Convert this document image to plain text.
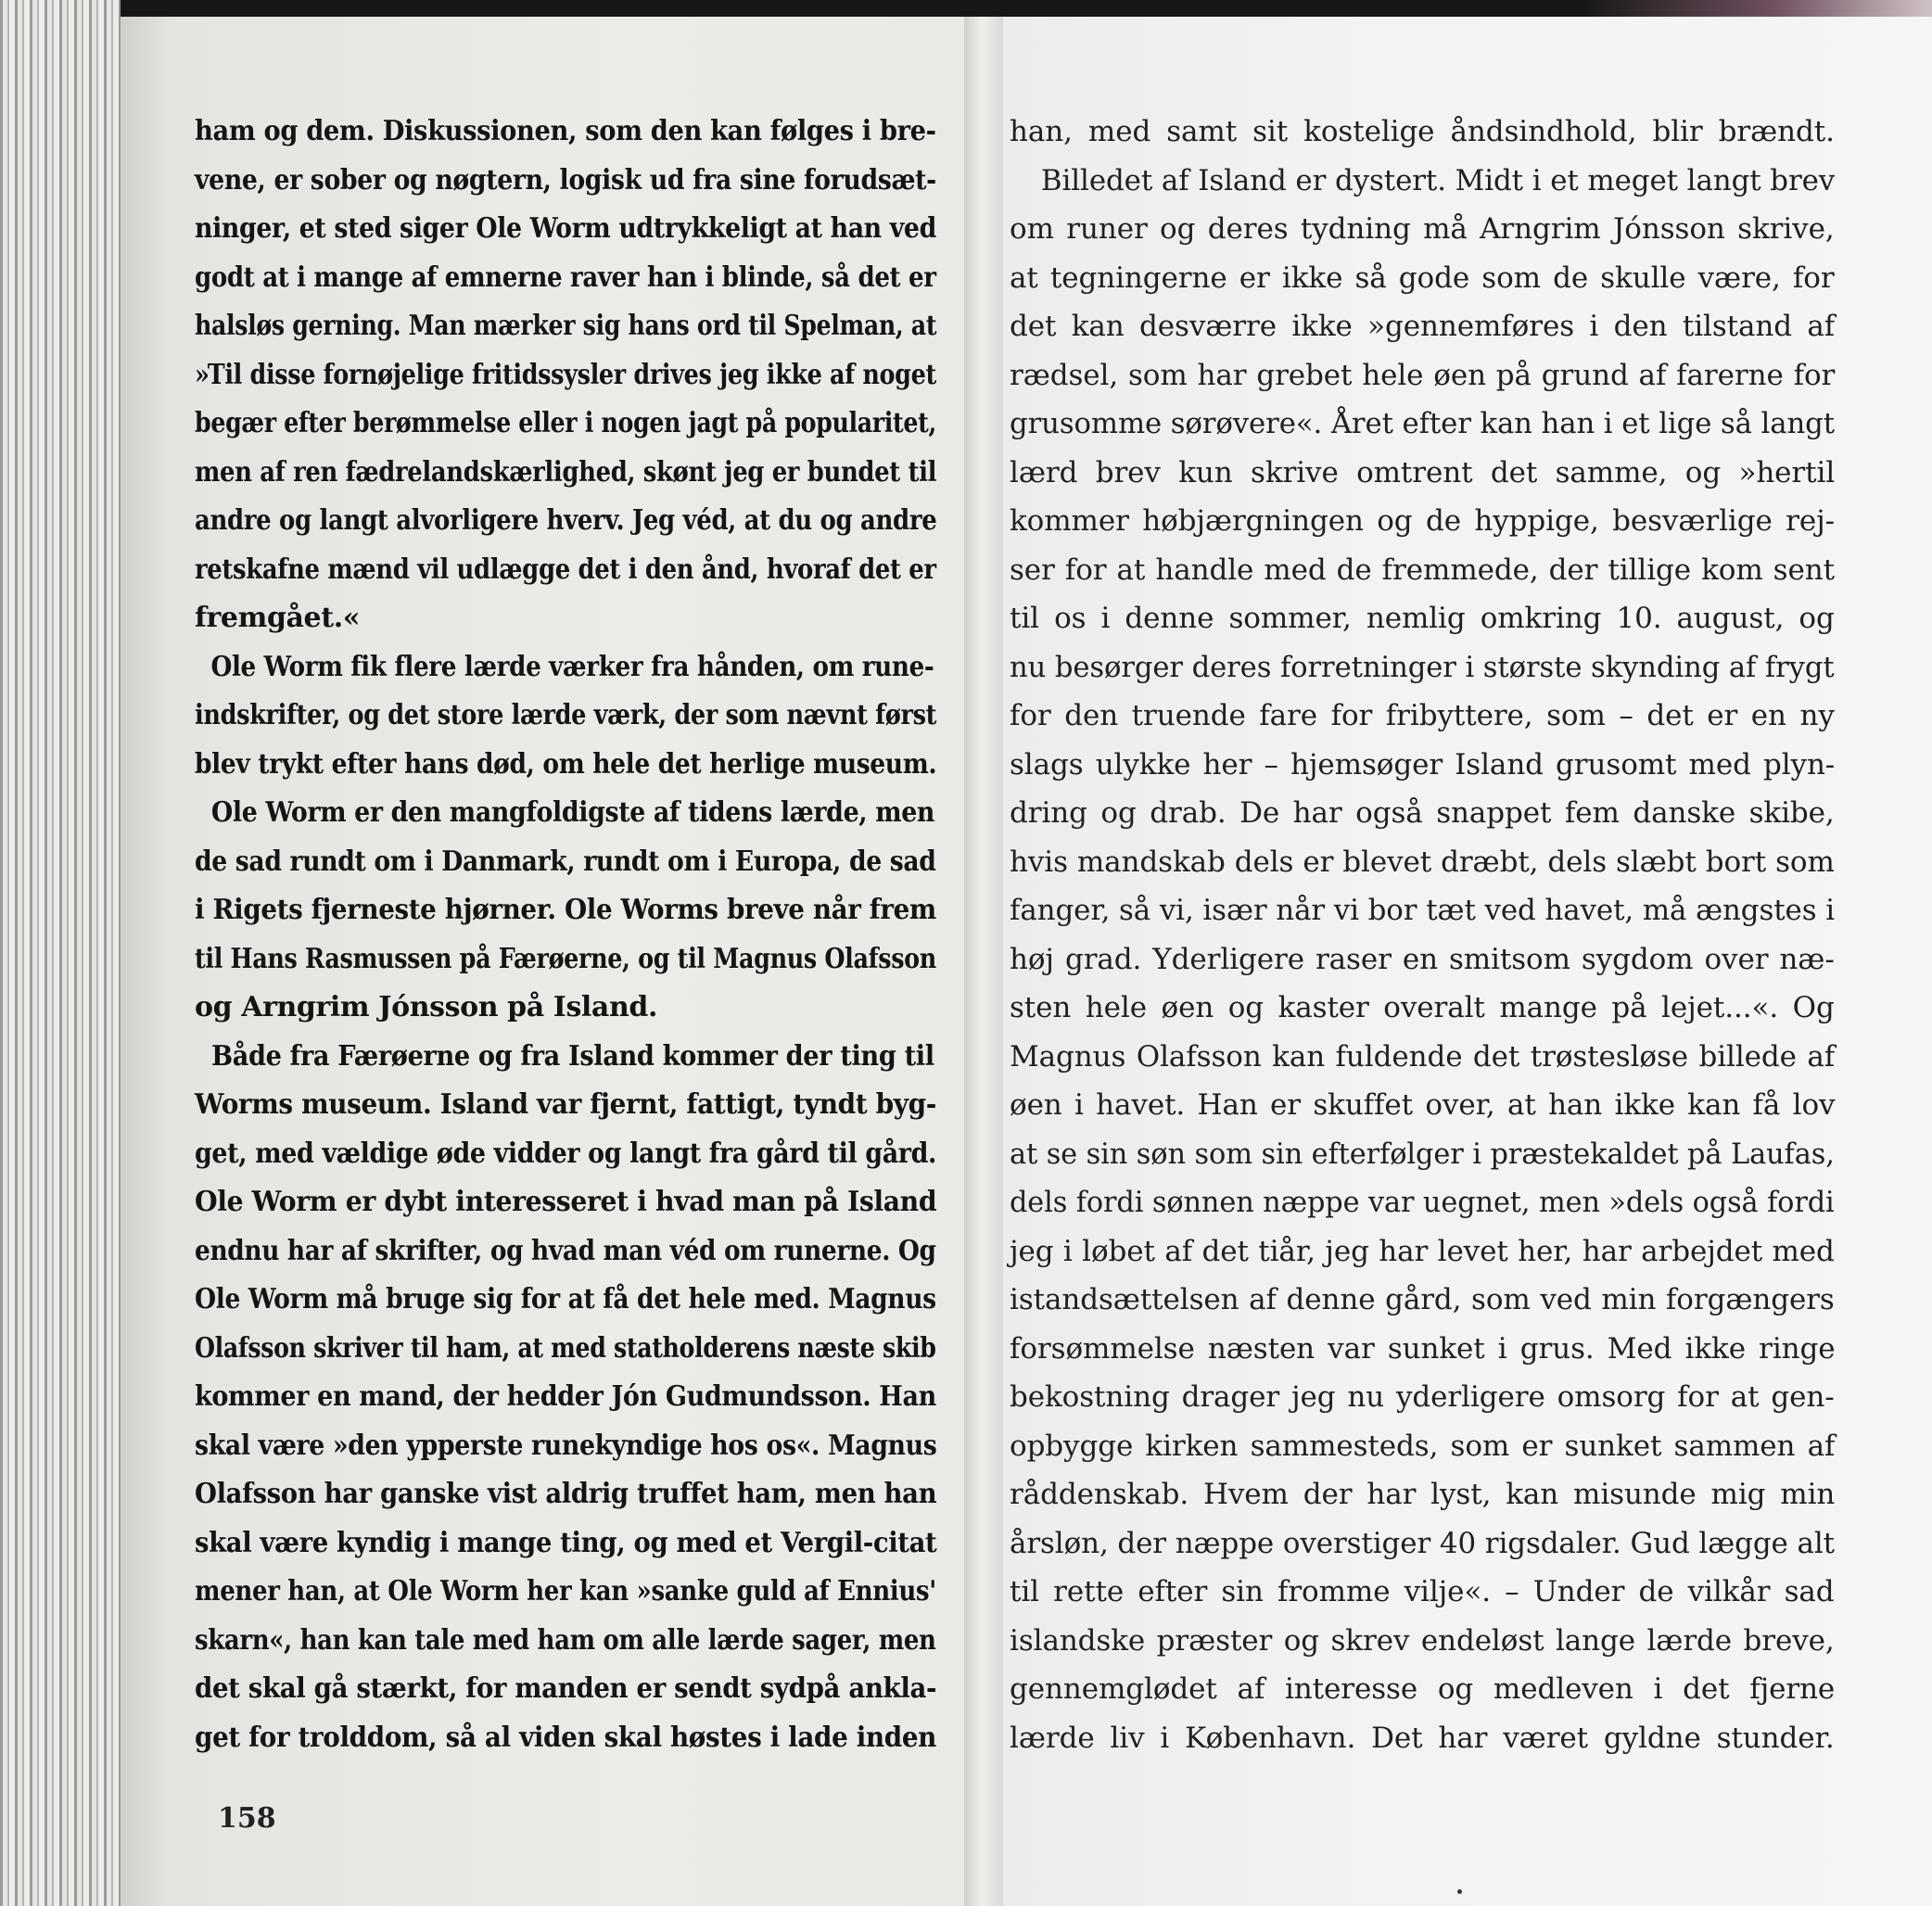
ham og dem. Diskussionen, som den kan følges i bre-
vene, er sober og nøgtern, logisk ud fra sine forudsæt-
ninger, et sted siger Ole Worm udtrykkeligt at han ved
godt at i mange af emnerne raver han i blinde, så det er
halsløs gerning. Man mærker sig hans ord til Spelman, at
»Til disse fornøjelige fritidssysler drives jeg ikke af noget
begær efter berømmelse eller i nogen jagt på popularitet,
men af ren fædrelandskærlighed, skønt jeg er bundet til
andre og langt alvorligere hverv. Jeg véd, at du og andre
retskafne mænd vil udlægge det i den ånd, hvoraf det er
fremgået.«
Ole Worm fik flere lærde værker fra hånden, om rune-
indskrifter, og det store lærde værk, der som nævnt først
blev trykt efter hans død, om hele det herlige museum.
Ole Worm er den mangfoldigste af tidens lærde, men
de sad rundt om i Danmark, rundt om i Europa, de sad
i Rigets fjerneste hjørner. Ole Worms breve når frem
til Hans Rasmussen på Færøerne, og til Magnus Olafsson
og Arngrim Jónsson på Island.
Både fra Færøerne og fra Island kommer der ting til
Worms museum. Island var fjernt, fattigt, tyndt byg-
get, med vældige øde vidder og langt fra gård til gård.
Ole Worm er dybt interesseret i hvad man på Island
endnu har af skrifter, og hvad man véd om runerne. Og
Ole Worm må bruge sig for at få det hele med. Magnus
Olafsson skriver til ham, at med statholderens næste skib
kommer en mand, der hedder Jón Gudmundsson. Han
skal være »den ypperste runekyndige hos os«. Magnus
Olafsson har ganske vist aldrig truffet ham, men han
skal være kyndig i mange ting, og med et Vergil-citat
mener han, at Ole Worm her kan »sanke guld af Ennius'
skarn«, han kan tale med ham om alle lærde sager, men
det skal gå stærkt, for manden er sendt sydpå ankla-
get for trolddom, så al viden skal høstes i lade inden
158
han, med samt sit kostelige åndsindhold, blir brændt.
Billedet af Island er dystert. Midt i et meget langt brev
om runer og deres tydning må Arngrim Jónsson skrive,
at tegningerne er ikke så gode som de skulle være, for
det kan desværre ikke »gennemføres i den tilstand af
rædsel, som har grebet hele øen på grund af farerne for
grusomme sørøvere«. Året efter kan han i et lige så langt
lærd brev kun skrive omtrent det samme, og »hertil
kommer høbjærgningen og de hyppige, besværlige rej-
ser for at handle med de fremmede, der tillige kom sent
til os i denne sommer, nemlig omkring 10. august, og
nu besørger deres forretninger i største skynding af frygt
for den truende fare for fribyttere, som – det er en ny
slags ulykke her – hjemsøger Island grusomt med plyn-
dring og drab. De har også snappet fem danske skibe,
hvis mandskab dels er blevet dræbt, dels slæbt bort som
fanger, så vi, især når vi bor tæt ved havet, må ængstes i
høj grad. Yderligere raser en smitsom sygdom over næ-
sten hele øen og kaster overalt mange på lejet...«. Og
Magnus Olafsson kan fuldende det trøstesløse billede af
øen i havet. Han er skuffet over, at han ikke kan få lov
at se sin søn som sin efterfølger i præstekaldet på Laufas,
dels fordi sønnen næppe var uegnet, men »dels også fordi
jeg i løbet af det tiår, jeg har levet her, har arbejdet med
istandsættelsen af denne gård, som ved min forgængers
forsømmelse næsten var sunket i grus. Med ikke ringe
bekostning drager jeg nu yderligere omsorg for at gen-
opbygge kirken sammesteds, som er sunket sammen af
råddenskab. Hvem der har lyst, kan misunde mig min
årsløn, der næppe overstiger 40 rigsdaler. Gud lægge alt
til rette efter sin fromme vilje«. – Under de vilkår sad
islandske præster og skrev endeløst lange lærde breve,
gennemglødet af interesse og medleven i det fjerne
lærde liv i København. Det har været gyldne stunder.
